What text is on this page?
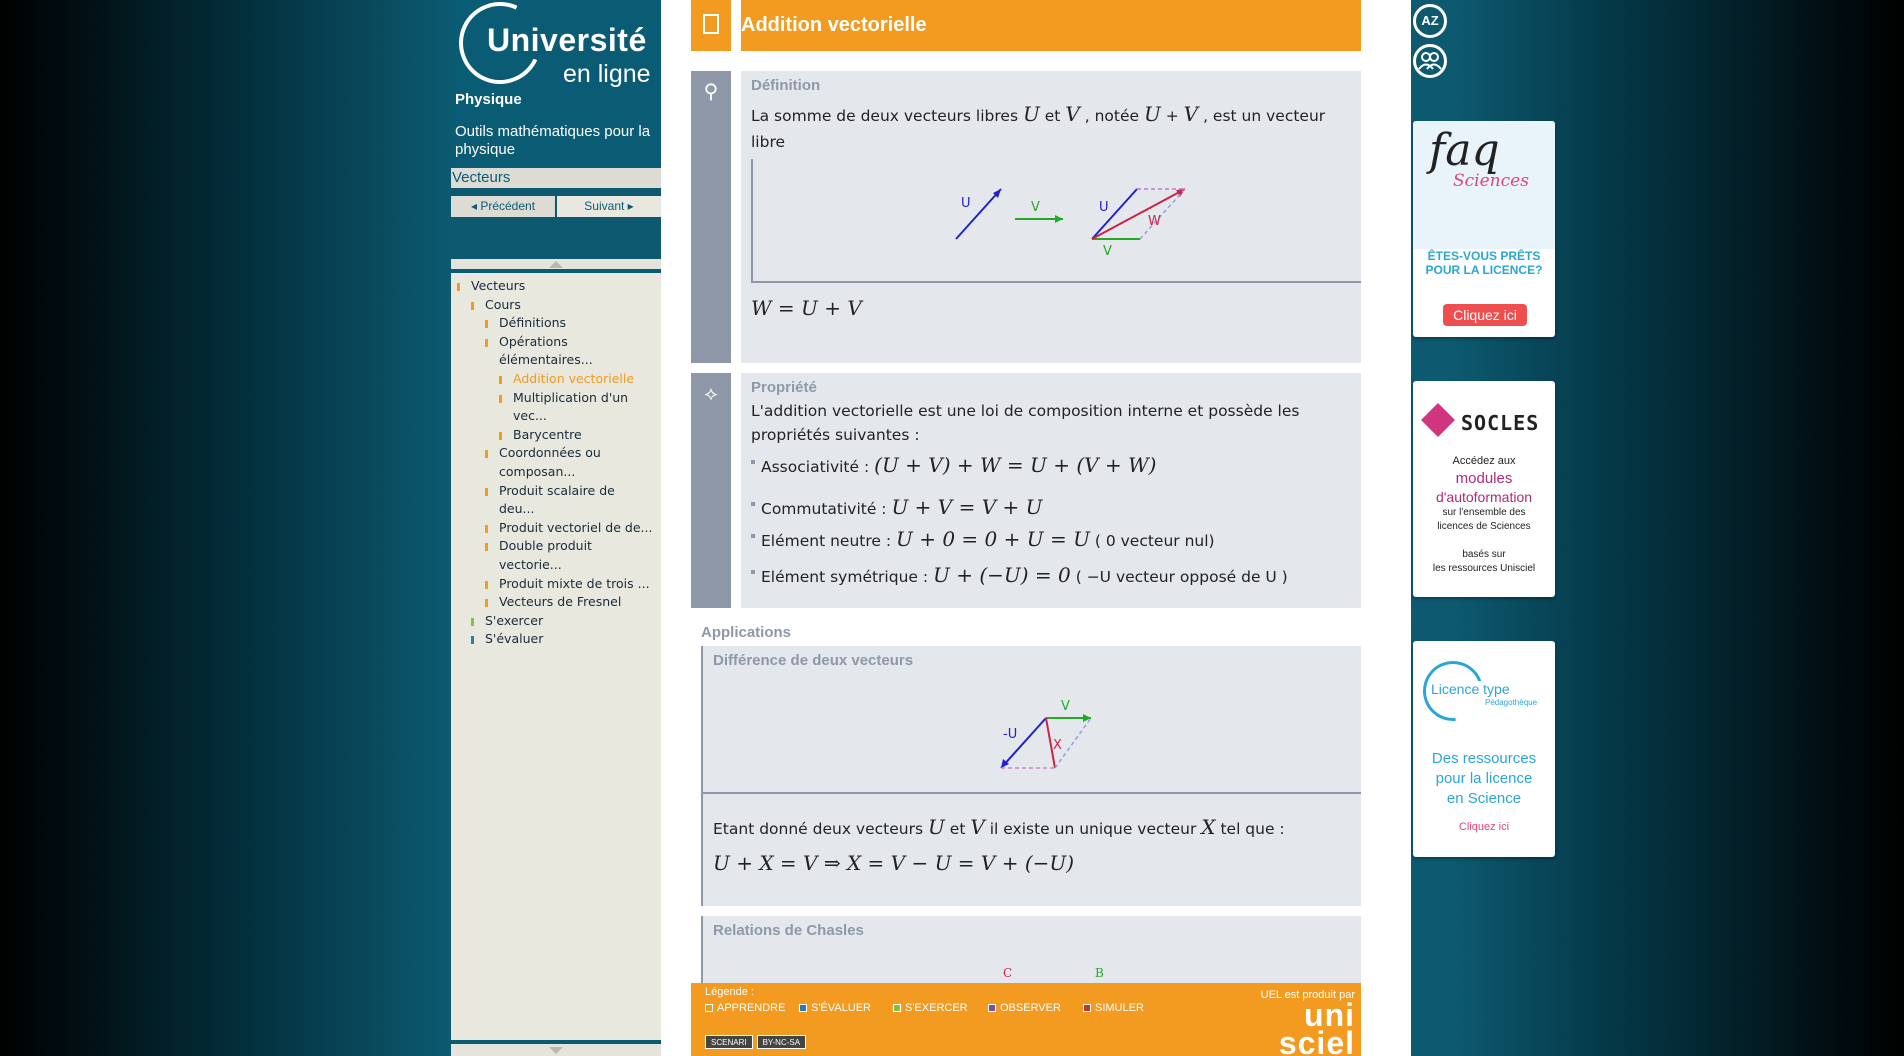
Université
en ligne
Physique
Outils mathématiques pour la physique
Vecteurs
◂ Précédent	Suivant ▸
Vecteurs
Cours
Définitions
Opérations élémentaires...
Addition vectorielle
Multiplication d'un vec...
Barycentre
Coordonnées ou composan...
Produit scalaire de deu...
Produit vectoriel de de...
Double produit vectorie...
Produit mixte de trois ...
Vecteurs de Fresnel
S'exercer
S'évaluer
Addition vectorielle
⚲ Définition
La somme de deux vecteurs libres U et V , notée U + V , est un vecteur libre

U	V	U
V
W
W = U + V
⟡ Propriété
L'addition vectorielle est une loi de composition interne et possède les propriétés suivantes :
Associativité : (U + V) + W = U + (V + W)
Commutativité : U + V = V + U
Elément neutre : U + 0 = 0 + U = U ( 0 vecteur nul)
Elément symétrique : U + (−U) = 0 ( −U vecteur opposé de U )
Applications
Différence de deux vecteurs
-U
V
X
Etant donné deux vecteurs U et V il existe un unique vecteur X tel que :
U + X = V ⇒ X = V − U = V + (−U)
Relations de Chasles
C	B
Légende :
APPRENDRE	S'ÉVALUER	S'EXERCER	OBSERVER	SIMULER
SCENARI	BY-NC-SA
UEL est produit par
uni
sciel
AZ
faq
Sciences
ÊTES-VOUS PRÊTS
POUR LA LICENCE?
Cliquez ici
SOCLES
Accédez aux
modules
d'autoformation
sur l'ensemble des
licences de Sciences
basés sur
les ressources Unisciel
Licence type
Pédagothèque
Des ressources
pour la licence
en Science
Cliquez ici
